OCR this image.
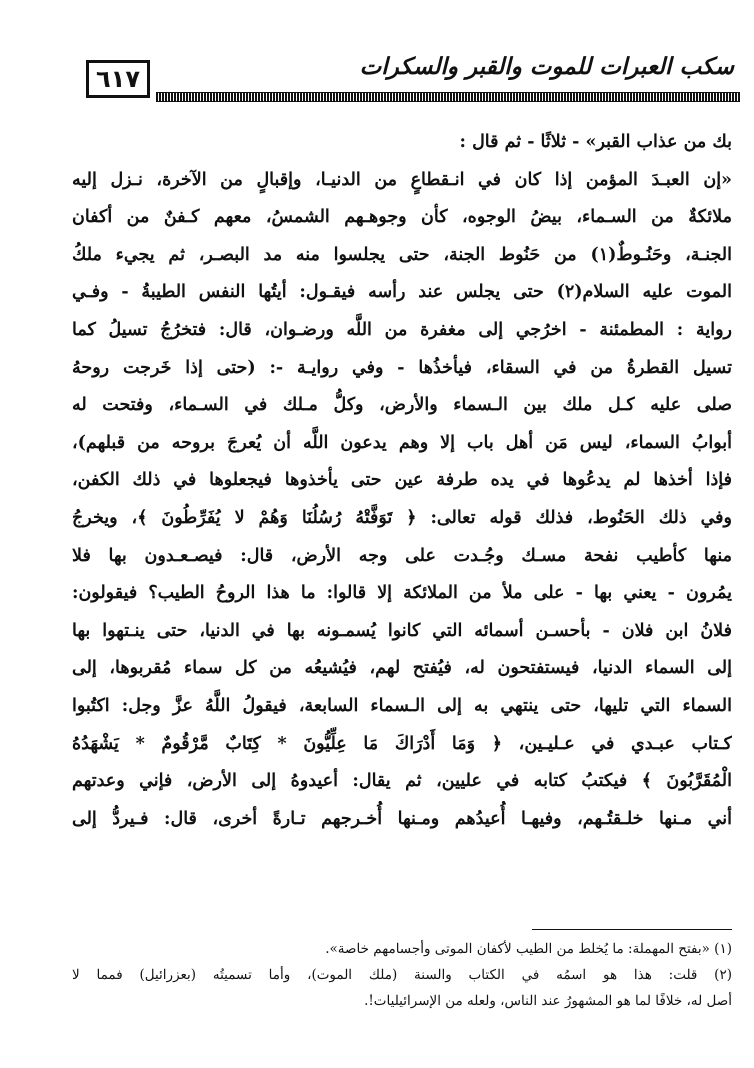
٦١٧	سكب العبرات للموت والقبر والسكرات
بك من عذاب القبر» - ثلاثًا - ثم قال :
«إن العبـدَ المؤمن إذا كان في انـقطاعٍ من الدنيـا، وإقبالٍ من الآخرة، نـزل إليه
ملائكةٌ من السـماء، بيضُ الوجوه، كأن وجوهـهم الشمسُ، معهم كـفنٌ من أكفان
الجنـة، وحَنُـوطٌ(١) من حَنُوط الجنة، حتى يجلسوا منه مد البصـر، ثم يجيء ملكُ
الموت عليه السلام(٢) حتى يجلس عند رأسه فيقـول: أيتُها النفس الطيبةُ - وفـي
رواية : المطمئنة - اخرُجي إلى مغفرة من اللَّه ورضـوان، قال: فتخرُجُ تسيلُ كما
تسيل القطرةُ من في السقاء، فيأخذُها - وفي روايـة -: (حتى إذا خَرجت روحهُ
صلى عليه كـل ملك بين الـسماء والأرض، وكلُّ مـلك في السـماء، وفتحت له
أبوابُ السماء، ليس مَن أهل باب إلا وهم يدعون اللَّه أن يُعرجَ بروحه من قبلهم)،
فإذا أخذها لم يدعُوها في يده طرفة عين حتى يأخذوها فيجعلوها في ذلك الكفن،
وفي ذلك الحَنُوط، فذلك قوله تعالى: ﴿ تَوَفَّتْهُ رُسُلُنَا وَهُمْ لا يُفَرِّطُونَ ﴾، ويخرجُ
منها كأطيب نفحة مسـك وجُـدت على وجه الأرض، قال: فيصـعـدون بها فلا
يمُرون - يعني بها - على ملأ من الملائكة إلا قالوا: ما هذا الروحُ الطيب؟ فيقولون:
فلانُ ابن فلان - بأحسـن أسمائه التي كانوا يُسمـونه بها في الدنيا، حتى ينـتهوا بها
إلى السماء الدنيا، فيستفتحون له، فيُفتح لهم، فيُشيعُه من كل سماء مُقربوها، إلى
السماء التي تليها، حتى ينتهي به إلى الـسماء السابعة، فيقولُ اللَّهُ عزَّ وجل: اكتُبوا
كـتاب عبـدي في عـليـين، ﴿ وَمَا أَدْرَاكَ مَا عِلِّيُّونَ * كِتَابٌ مَّرْقُومٌ * يَشْهَدُهُ
الْمُقَرَّبُونَ ﴾ فيكتبُ كتابه في عليين، ثم يقال: أعيدوهُ إلى الأرض، فإني وعدتهم
أني مـنها خلـقتُـهم، وفيهـا أُعيدُهم ومـنها أُخـرجهم تـارةً أخرى، قال: فـيردُّ إلى
(١) «بفتح المهملة: ما يُخلط من الطيب لأكفان الموتى وأجسامهم خاصة».
(٢) قلت: هذا هو اسمُه في الكتاب والسنة (ملك الموت)، وأما تسميتُه (بعزرائيل) فمما لا
أصل له، خلافًا لما هو المشهورُ عند الناس، ولعله من الإسرائيليات!.
